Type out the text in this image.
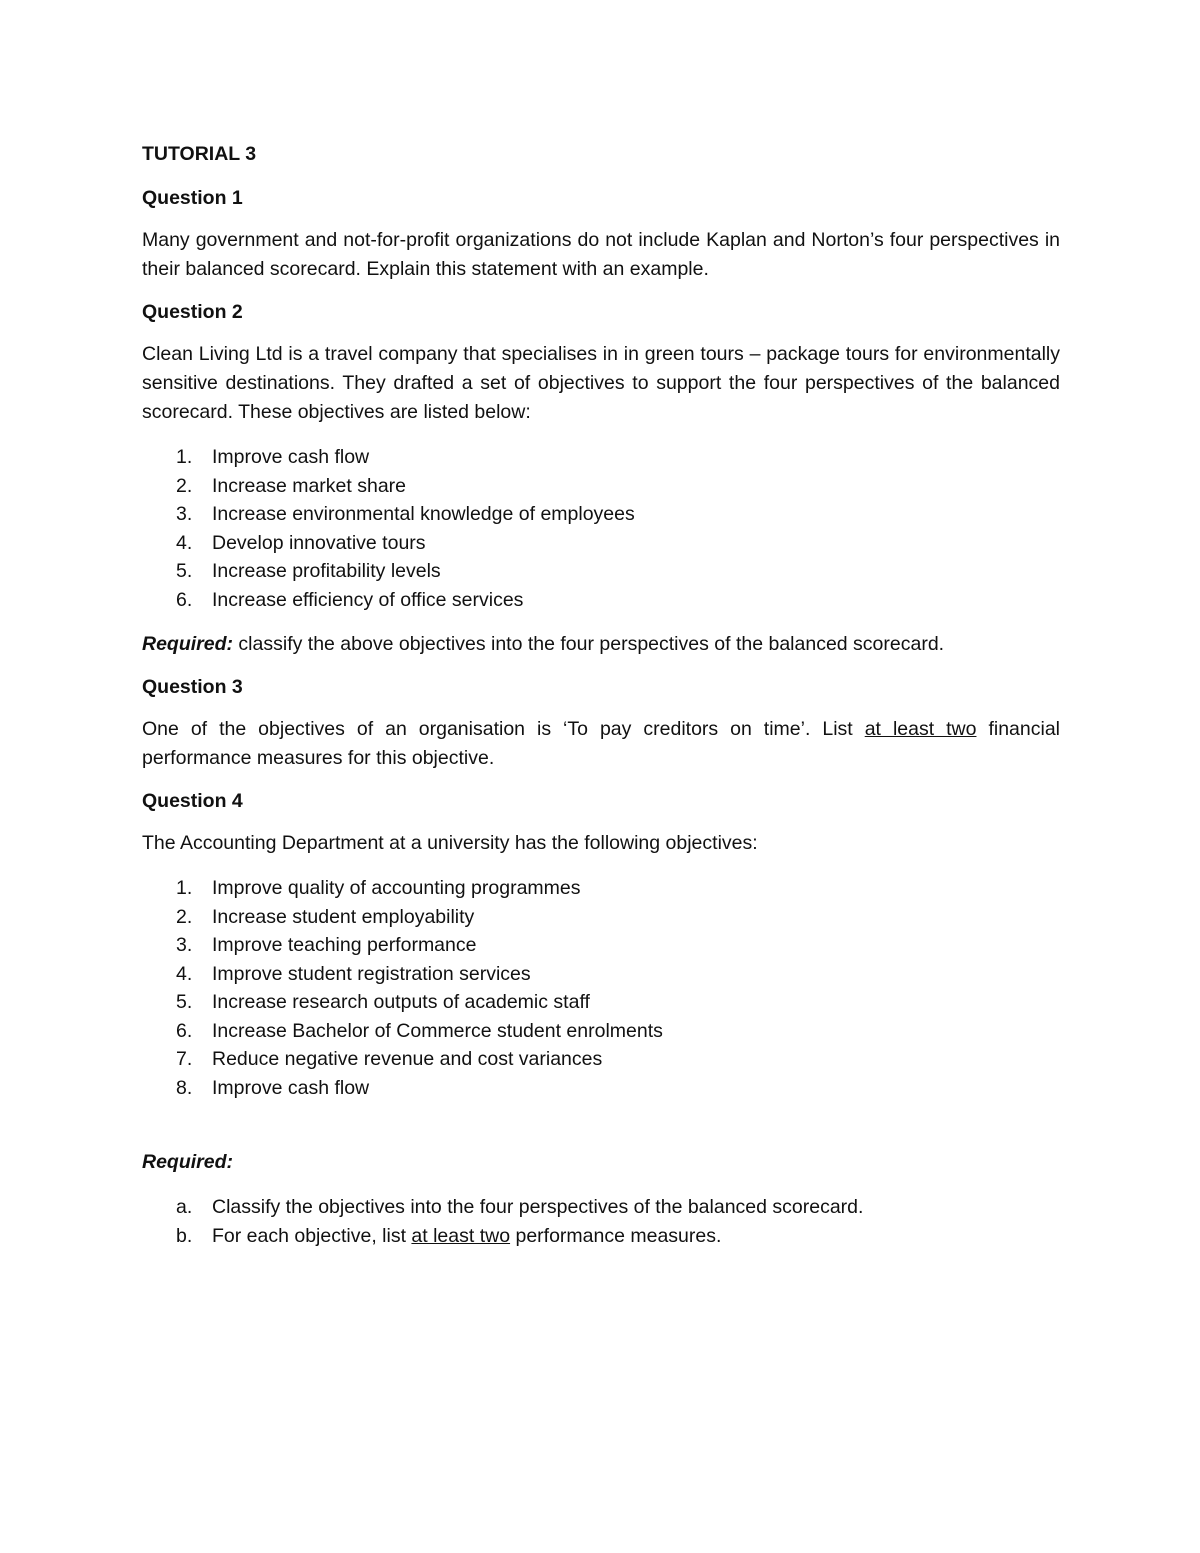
TUTORIAL 3
Question 1

Many government and not-for-profit organizations do not include Kaplan and Norton’s four perspectives in their balanced scorecard. Explain this statement with an example.

Question 2

Clean Living Ltd is a travel company that specialises in in green tours – package tours for environmentally sensitive destinations. They drafted a set of objectives to support the four perspectives of the balanced scorecard. These objectives are listed below:

1.	Improve cash flow
2.	Increase market share
3.	Increase environmental knowledge of employees
4.	Develop innovative tours
5.	Increase profitability levels
6.	Increase efficiency of office services

Required: classify the above objectives into the four perspectives of the balanced scorecard.

Question 3

One of the objectives of an organisation is ‘To pay creditors on time’. List at least two financial performance measures for this objective.

Question 4

The Accounting Department at a university has the following objectives:

1.	Improve quality of accounting programmes
2.	Increase student employability
3.	Improve teaching performance
4.	Improve student registration services
5.	Increase research outputs of academic staff
6.	Increase Bachelor of Commerce student enrolments
7.	Reduce negative revenue and cost variances
8.	Improve cash flow

Required:

a.	Classify the objectives into the four perspectives of the balanced scorecard.
b.	For each objective, list at least two performance measures.
